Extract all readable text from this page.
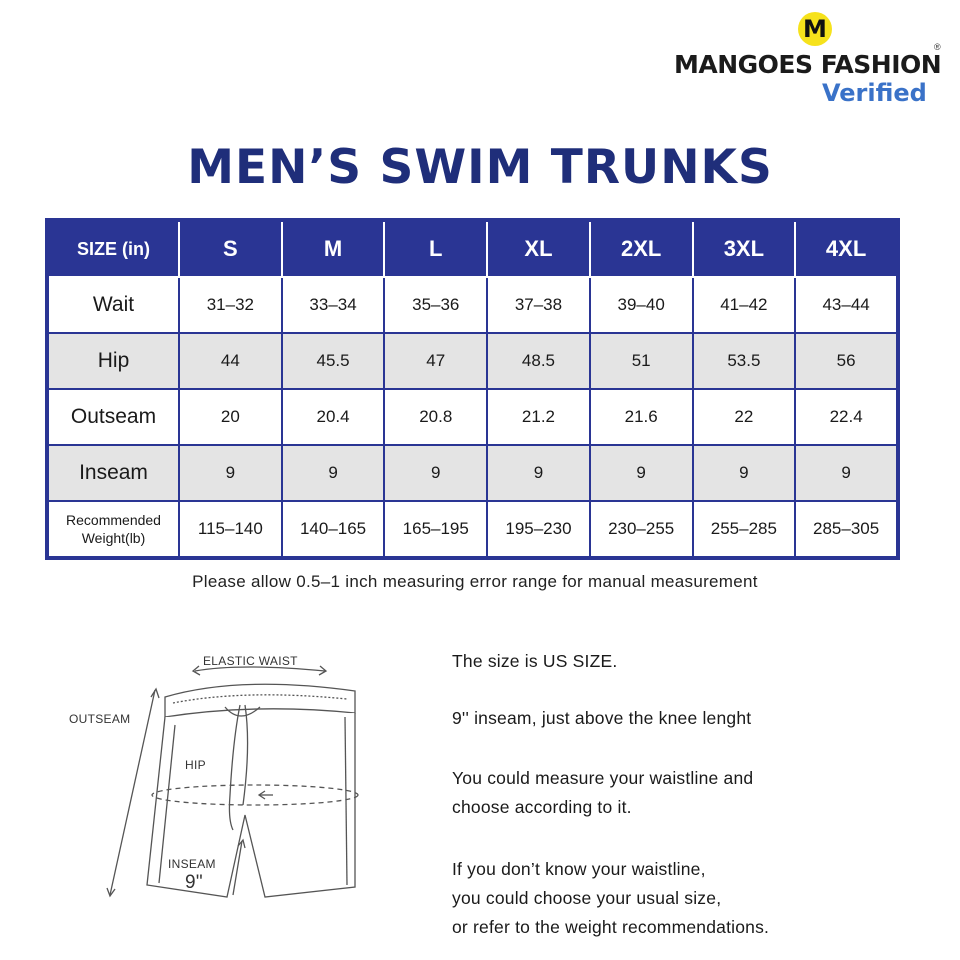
M
MANGOES FASHION
®
Verified
MEN’S SWIM TRUNKS
SIZE (in)	S	M	L	XL	2XL	3XL	4XL
Wait	31–32	33–34	35–36	37–38	39–40	41–42	43–44
Hip	44	45.5	47	48.5	51	53.5	56
Outseam	20	20.4	20.8	21.2	21.6	22	22.4
Inseam	9	9	9	9	9	9	9
Recommended
Weight(lb)	115–140	140–165	165–195	195–230	230–255	255–285	285–305
Please allow 0.5–1 inch measuring error range for manual measurement
ELASTIC WAIST
OUTSEAM
HIP
INSEAM
9"

The size is US SIZE.

9'' inseam, just above the knee lenght

You could measure your waistline and

choose according to it.

If you don’t know your waistline,

you could choose your usual size,

or refer to the weight recommendations.
